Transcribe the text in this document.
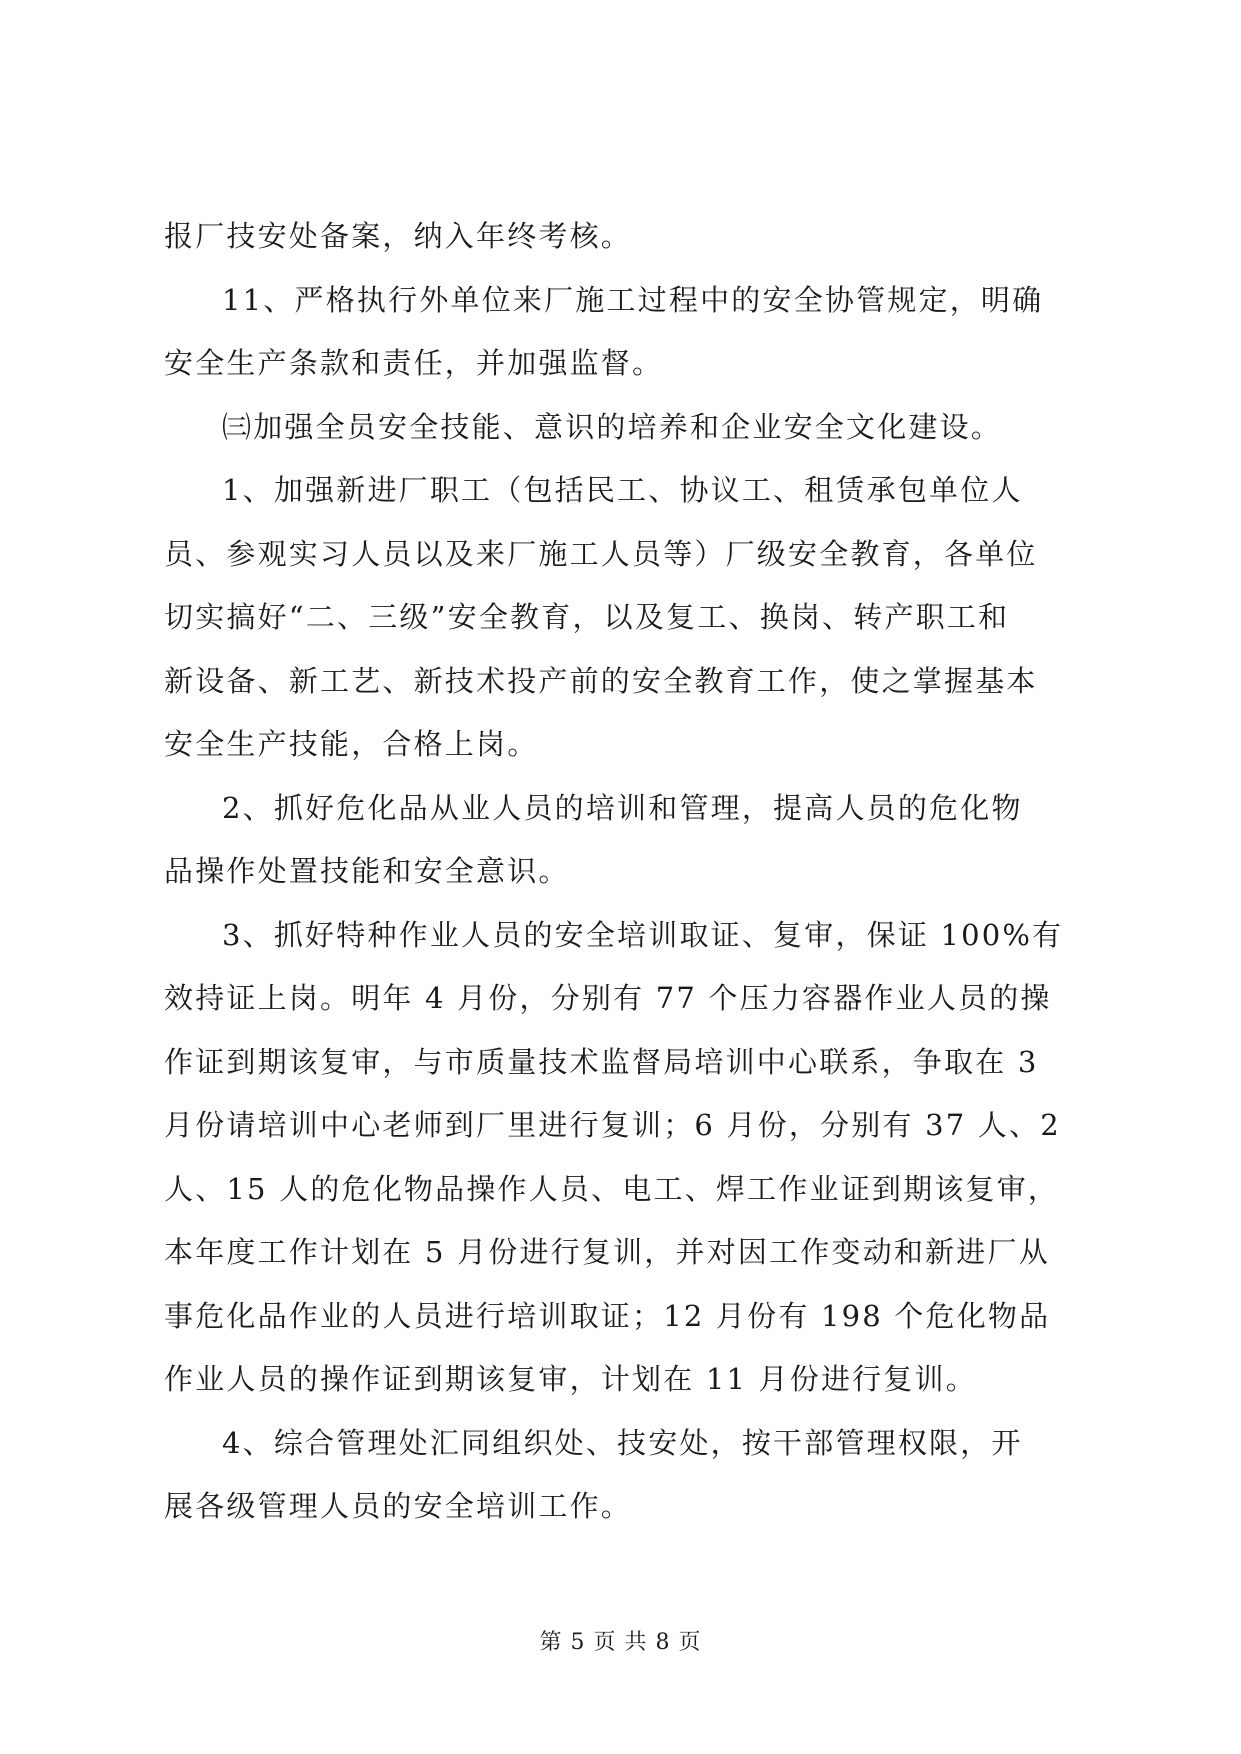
报厂技安处备案，纳入年终考核。
11、严格执行外单位来厂施工过程中的安全协管规定，明确
安全生产条款和责任，并加强监督。
㈢加强全员安全技能、意识的培养和企业安全文化建设。
1、加强新进厂职工（包括民工、协议工、租赁承包单位人
员、参观实习人员以及来厂施工人员等）厂级安全教育，各单位
切实搞好“二、三级”安全教育，以及复工、换岗、转产职工和
新设备、新工艺、新技术投产前的安全教育工作，使之掌握基本
安全生产技能，合格上岗。
2、抓好危化品从业人员的培训和管理，提高人员的危化物
品操作处置技能和安全意识。
3、抓好特种作业人员的安全培训取证、复审，保证 100%有
效持证上岗。明年 4 月份，分别有 77 个压力容器作业人员的操
作证到期该复审，与市质量技术监督局培训中心联系，争取在 3
月份请培训中心老师到厂里进行复训；6 月份，分别有 37 人、2
人、15 人的危化物品操作人员、电工、焊工作业证到期该复审，
本年度工作计划在 5 月份进行复训，并对因工作变动和新进厂从
事危化品作业的人员进行培训取证；12 月份有 198 个危化物品
作业人员的操作证到期该复审，计划在 11 月份进行复训。
4、综合管理处汇同组织处、技安处，按干部管理权限，开
展各级管理人员的安全培训工作。
第 5 页 共 8 页
